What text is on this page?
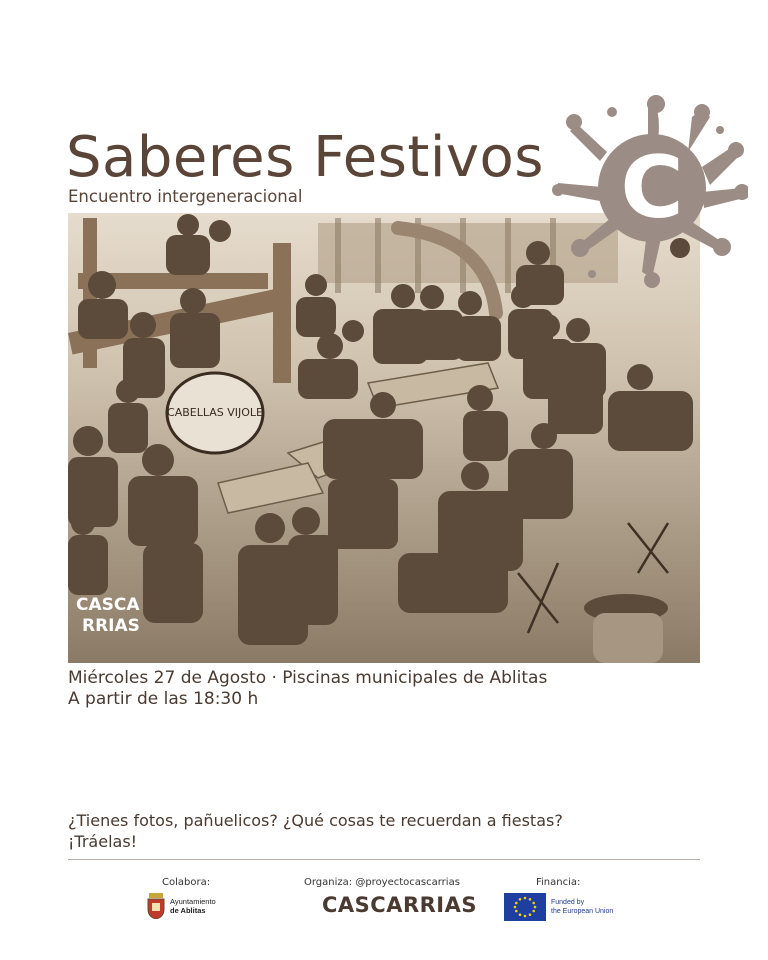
Saberes Festivos
Encuentro intergeneracional
CABELLAS VIJOLE
CASCA
RRIAS
C
Miércoles 27 de Agosto · Piscinas municipales de Ablitas
A partir de las 18:30 h
¿Tienes fotos, pañuelicos? ¿Qué cosas te recuerdan a fiestas?
¡Tráelas!
Colabora:	Organiza: @proyectocascarrias	Financia:
Ayuntamiento
de Ablitas	CASCARRIAS	Funded by
the European Union
